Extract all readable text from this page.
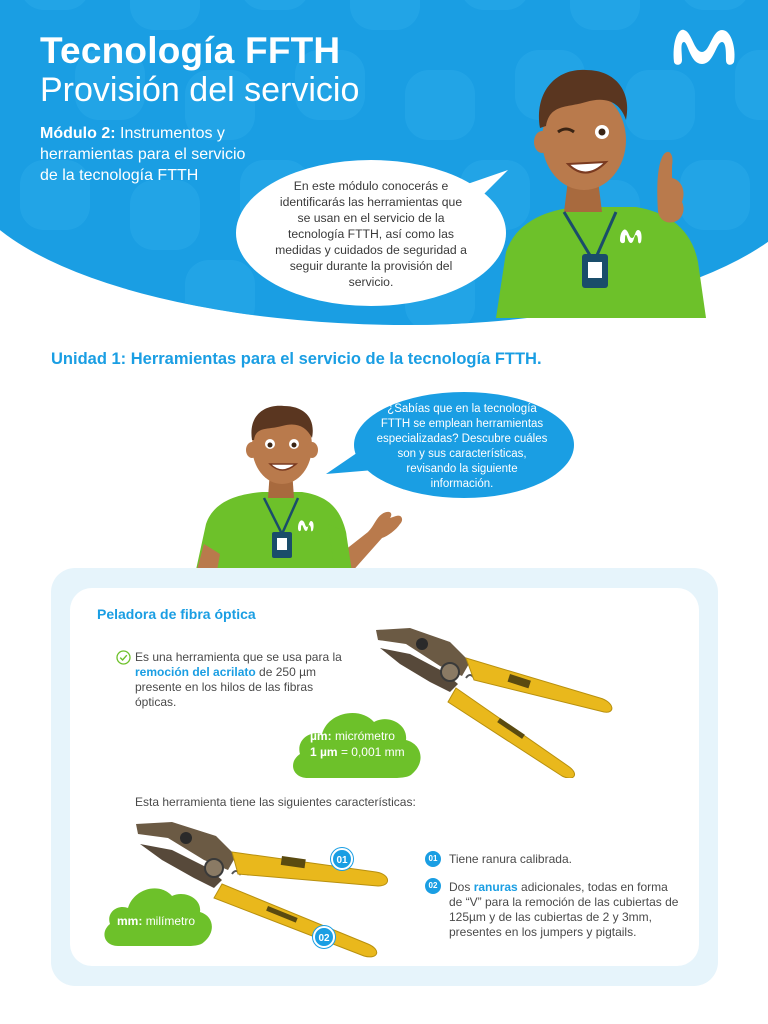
Tecnología FFTH
Provisión del servicio
Módulo 2: Instrumentos y herramientas para el servicio de la tecnología FTTH
En este módulo conocerás e
identificarás las herramientas que
se usan en el servicio de la
tecnología FTTH, así como las
medidas y cuidados de seguridad a
seguir durante la provisión del
servicio.
Unidad 1: Herramientas para el servicio de la tecnología FTTH.
¿Sabías que en la tecnología
FTTH se emplean herramientas
especializadas? Descubre cuáles
son y sus características,
revisando la siguiente
información.
Peladora de fibra óptica
Es una herramienta que se usa para la remoción del acrilato de 250 µm presente en los hilos de las fibras ópticas.
µm: micrómetro
1 µm = 0,001 mm
Esta herramienta tiene las siguientes características:
01
02
mm: milímetro
01 Tiene ranura calibrada.
02 Dos ranuras adicionales, todas en forma de “V” para la remoción de las cubiertas de 125µm y de las cubiertas de 2 y 3mm, presentes en los jumpers y pigtails.
